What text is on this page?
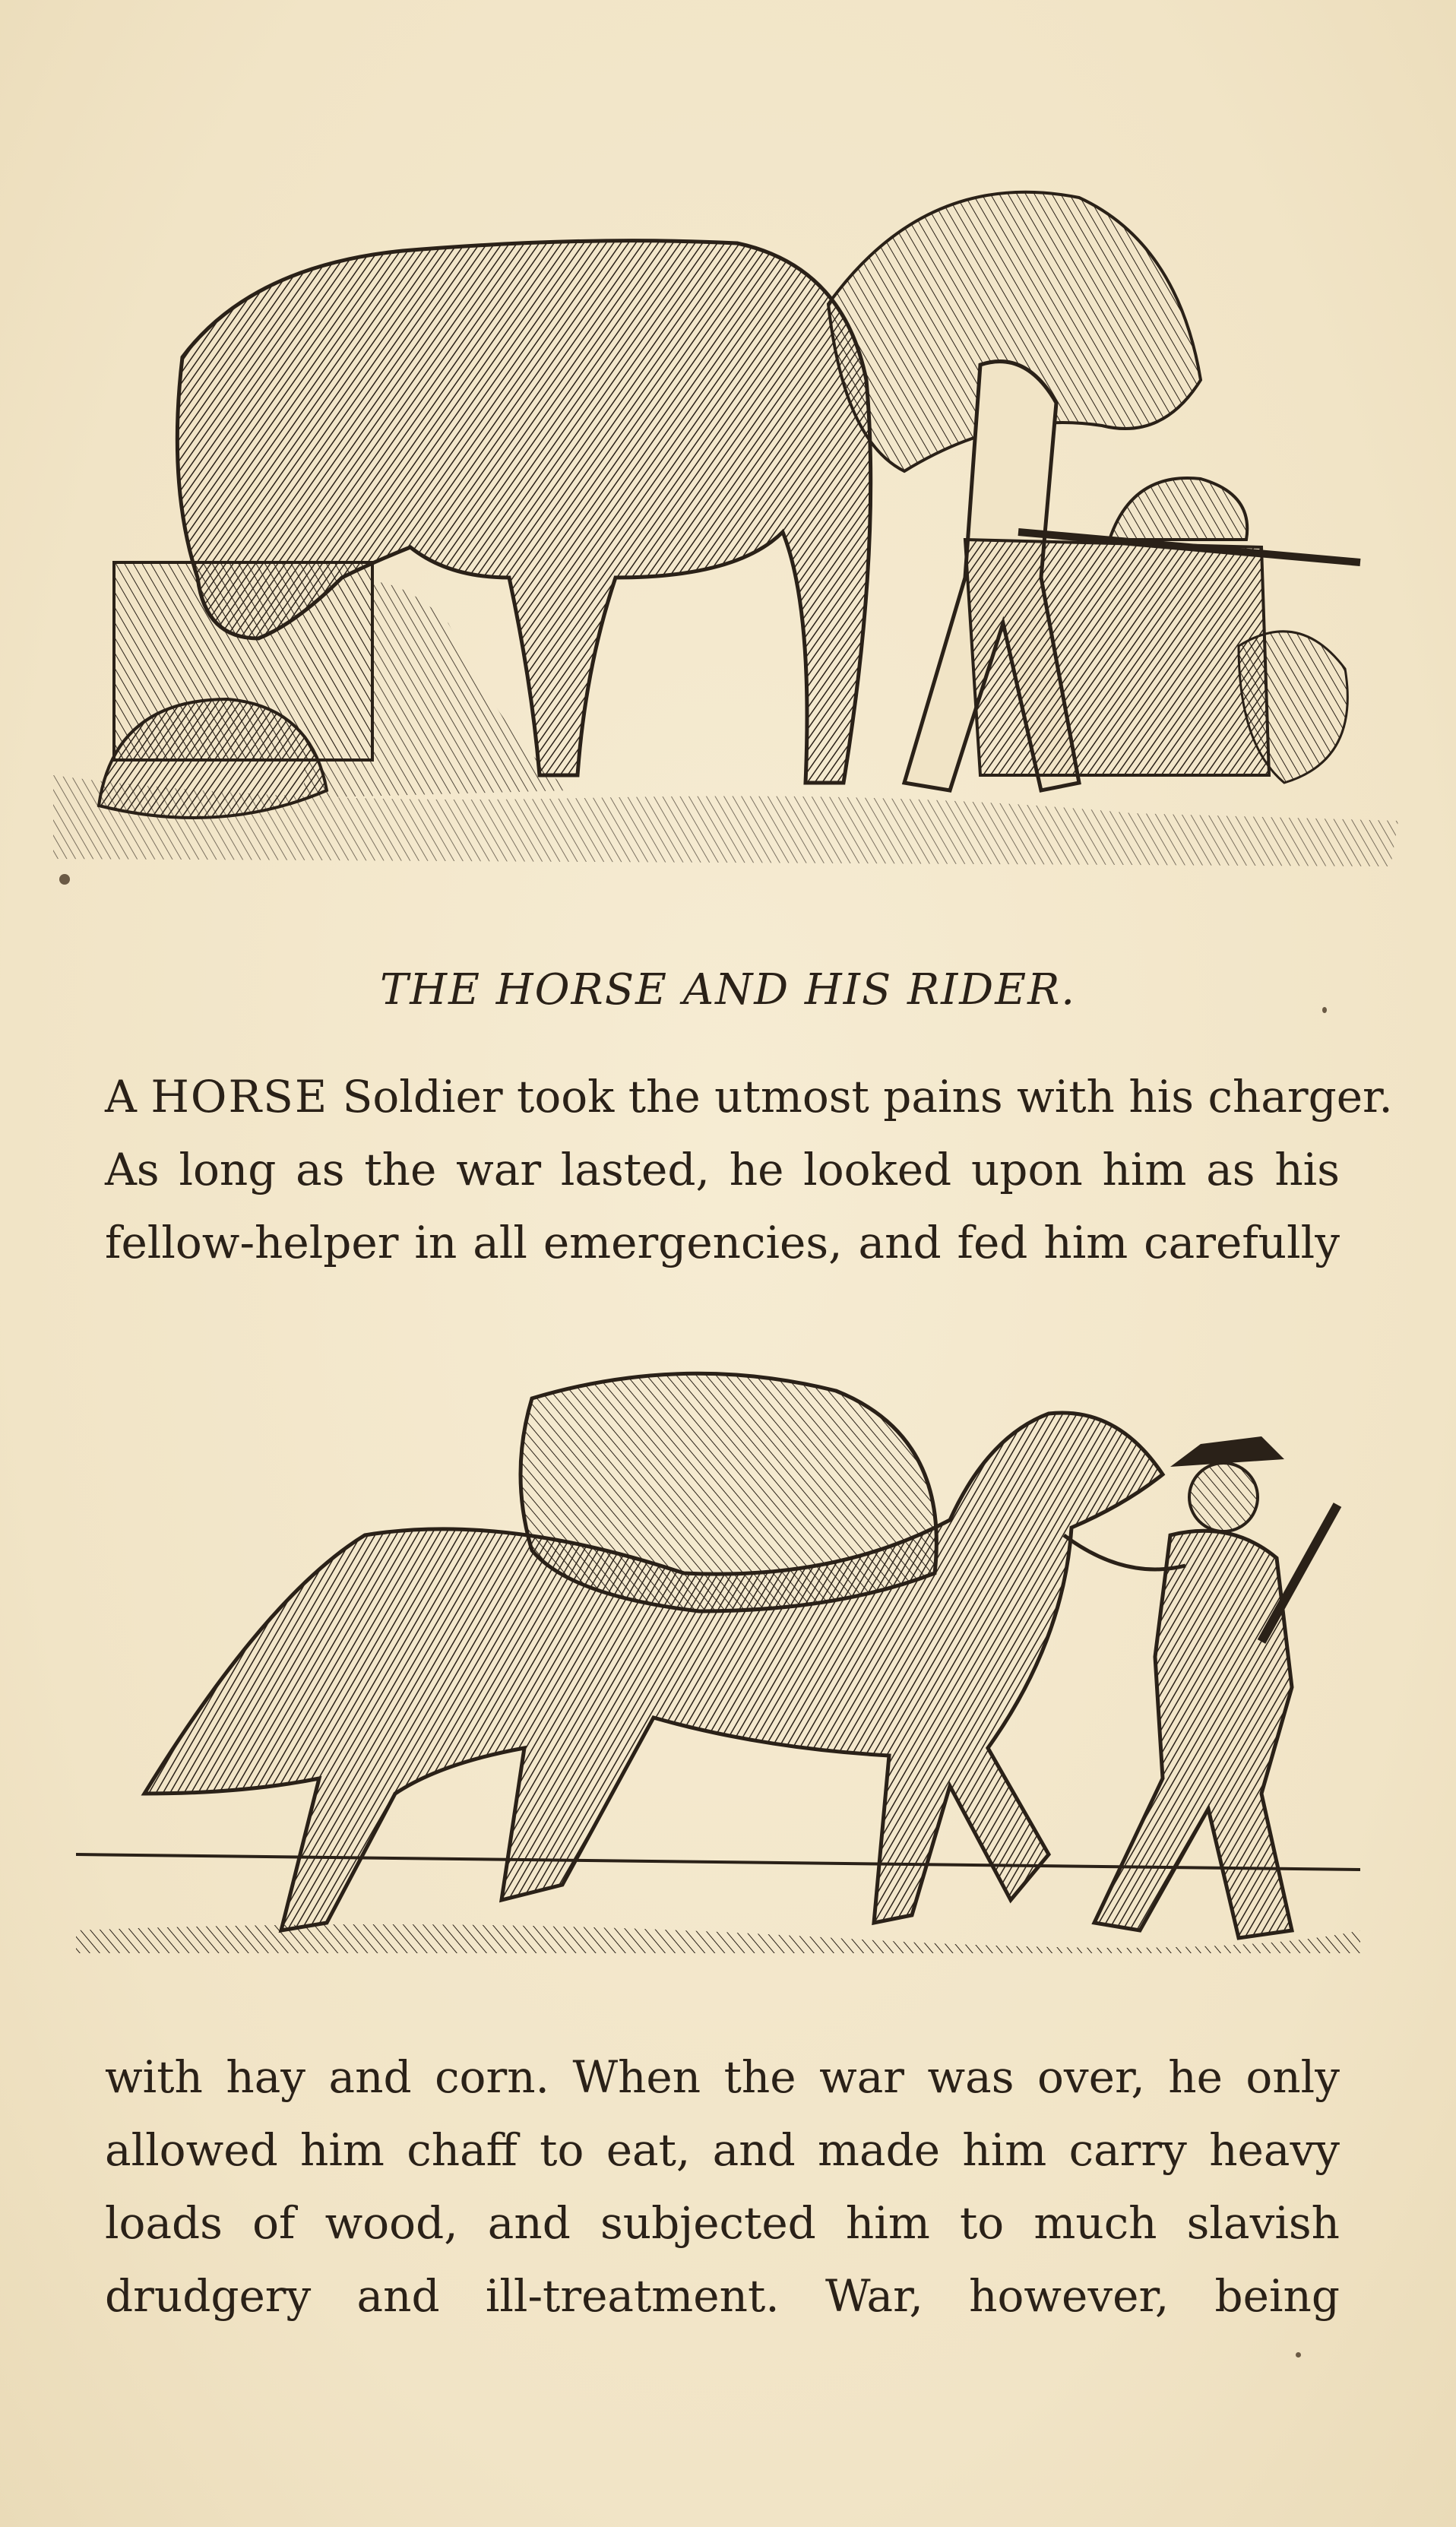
THE HORSE AND HIS RIDER.
A HORSE Soldier took the utmost pains with his charger.
As long as the war lasted, he looked upon him as his
fellow-helper in all emergencies, and fed him carefully
with hay and corn. When the war was over, he only
allowed him chaff to eat, and made him carry heavy
loads of wood, and subjected him to much slavish
drudgery and ill-treatment. War, however, being
